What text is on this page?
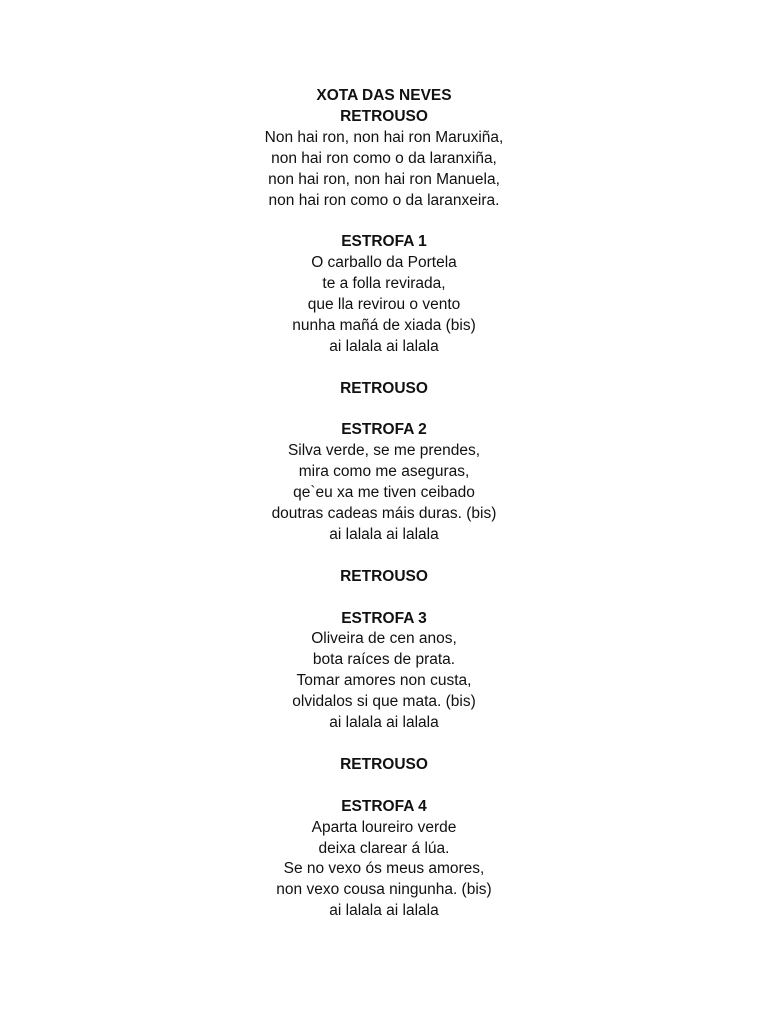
XOTA DAS NEVES
RETROUSO
Non hai ron, non hai ron Maruxiña,
non hai ron como o da laranxiña,
non hai ron, non hai ron Manuela,
non hai ron como o da laranxeira.
ESTROFA 1
O carballo da Portela
te a folla revirada,
que lla revirou o vento
nunha mañá de xiada (bis)
ai lalala ai lalala
RETROUSO
ESTROFA 2
Silva verde, se me prendes,
mira como me aseguras,
qe`eu xa me tiven ceibado
doutras cadeas máis duras. (bis)
ai lalala ai lalala
RETROUSO
ESTROFA 3
Oliveira de cen anos,
bota raíces de prata.
Tomar amores non custa,
olvidalos si que mata. (bis)
ai lalala ai lalala
RETROUSO
ESTROFA 4
Aparta loureiro verde
deixa clarear á lúa.
Se no vexo ós meus amores,
non vexo cousa ningunha. (bis)
ai lalala ai lalala
